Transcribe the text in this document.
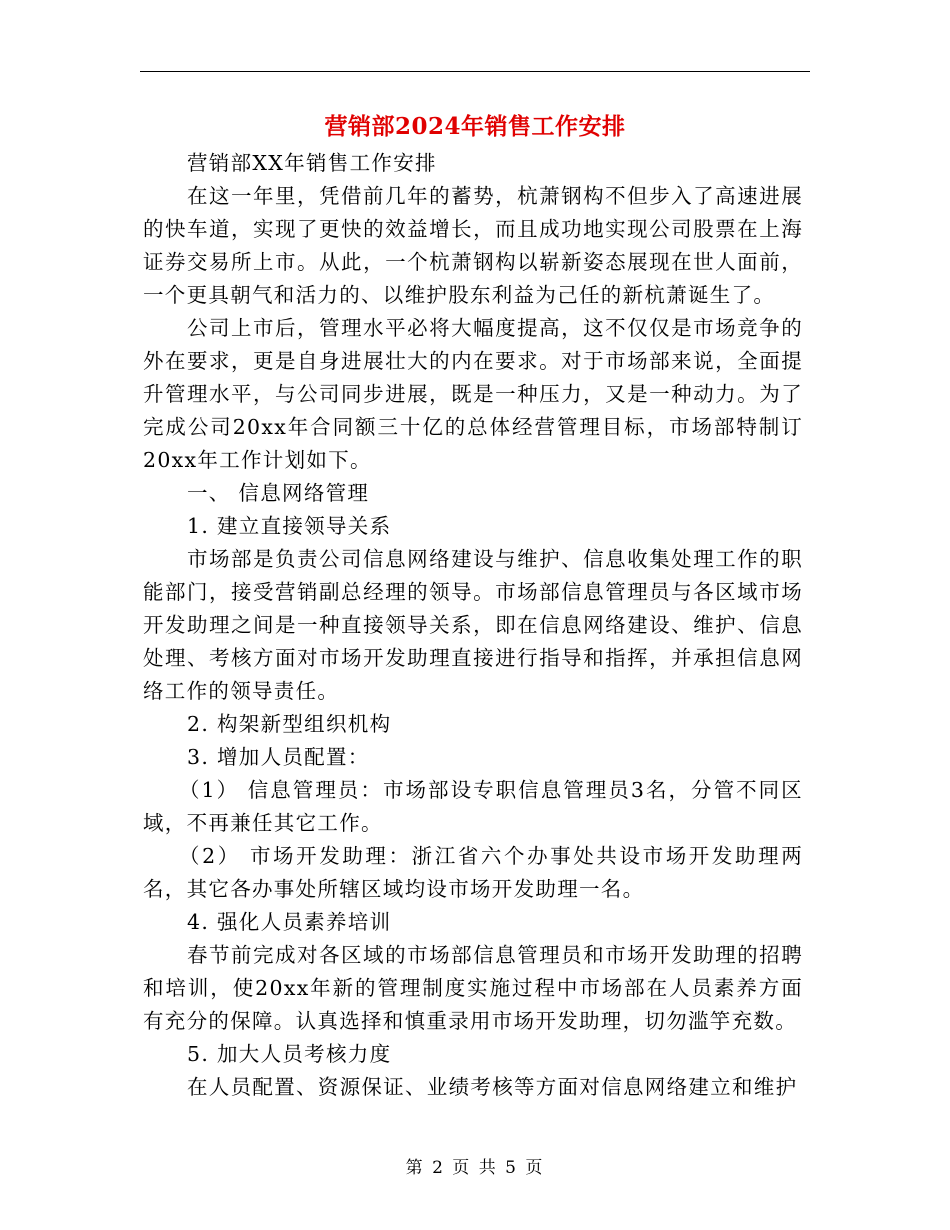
营销部2024年销售工作安排

营销部XX年销售工作安排

在这一年里，凭借前几年的蓄势，杭萧钢构不但步入了高速进展的快车道，实现了更快的效益增长，而且成功地实现公司股票在上海证券交易所上市。从此，一个杭萧钢构以崭新姿态展现在世人面前，一个更具朝气和活力的、以维护股东利益为己任的新杭萧诞生了。

公司上市后，管理水平必将大幅度提高，这不仅仅是市场竞争的外在要求，更是自身进展壮大的内在要求。对于市场部来说，全面提升管理水平，与公司同步进展，既是一种压力，又是一种动力。为了完成公司20xx年合同额三十亿的总体经营管理目标，市场部特制订20xx年工作计划如下。

一、 信息网络管理

1. 建立直接领导关系

市场部是负责公司信息网络建设与维护、信息收集处理工作的职能部门，接受营销副总经理的领导。市场部信息管理员与各区域市场开发助理之间是一种直接领导关系，即在信息网络建设、维护、信息处理、考核方面对市场开发助理直接进行指导和指挥，并承担信息网络工作的领导责任。

2. 构架新型组织机构

3. 增加人员配置：

（1） 信息管理员：市场部设专职信息管理员3名，分管不同区域，不再兼任其它工作。

（2） 市场开发助理：浙江省六个办事处共设市场开发助理两名，其它各办事处所辖区域均设市场开发助理一名。

4. 强化人员素养培训

春节前完成对各区域的市场部信息管理员和市场开发助理的招聘和培训，使20xx年新的管理制度实施过程中市场部在人员素养方面有充分的保障。认真选择和慎重录用市场开发助理，切勿滥竽充数。

5. 加大人员考核力度

在人员配置、资源保证、业绩考核等方面对信息网络建立和维护

第 2 页 共 5 页
